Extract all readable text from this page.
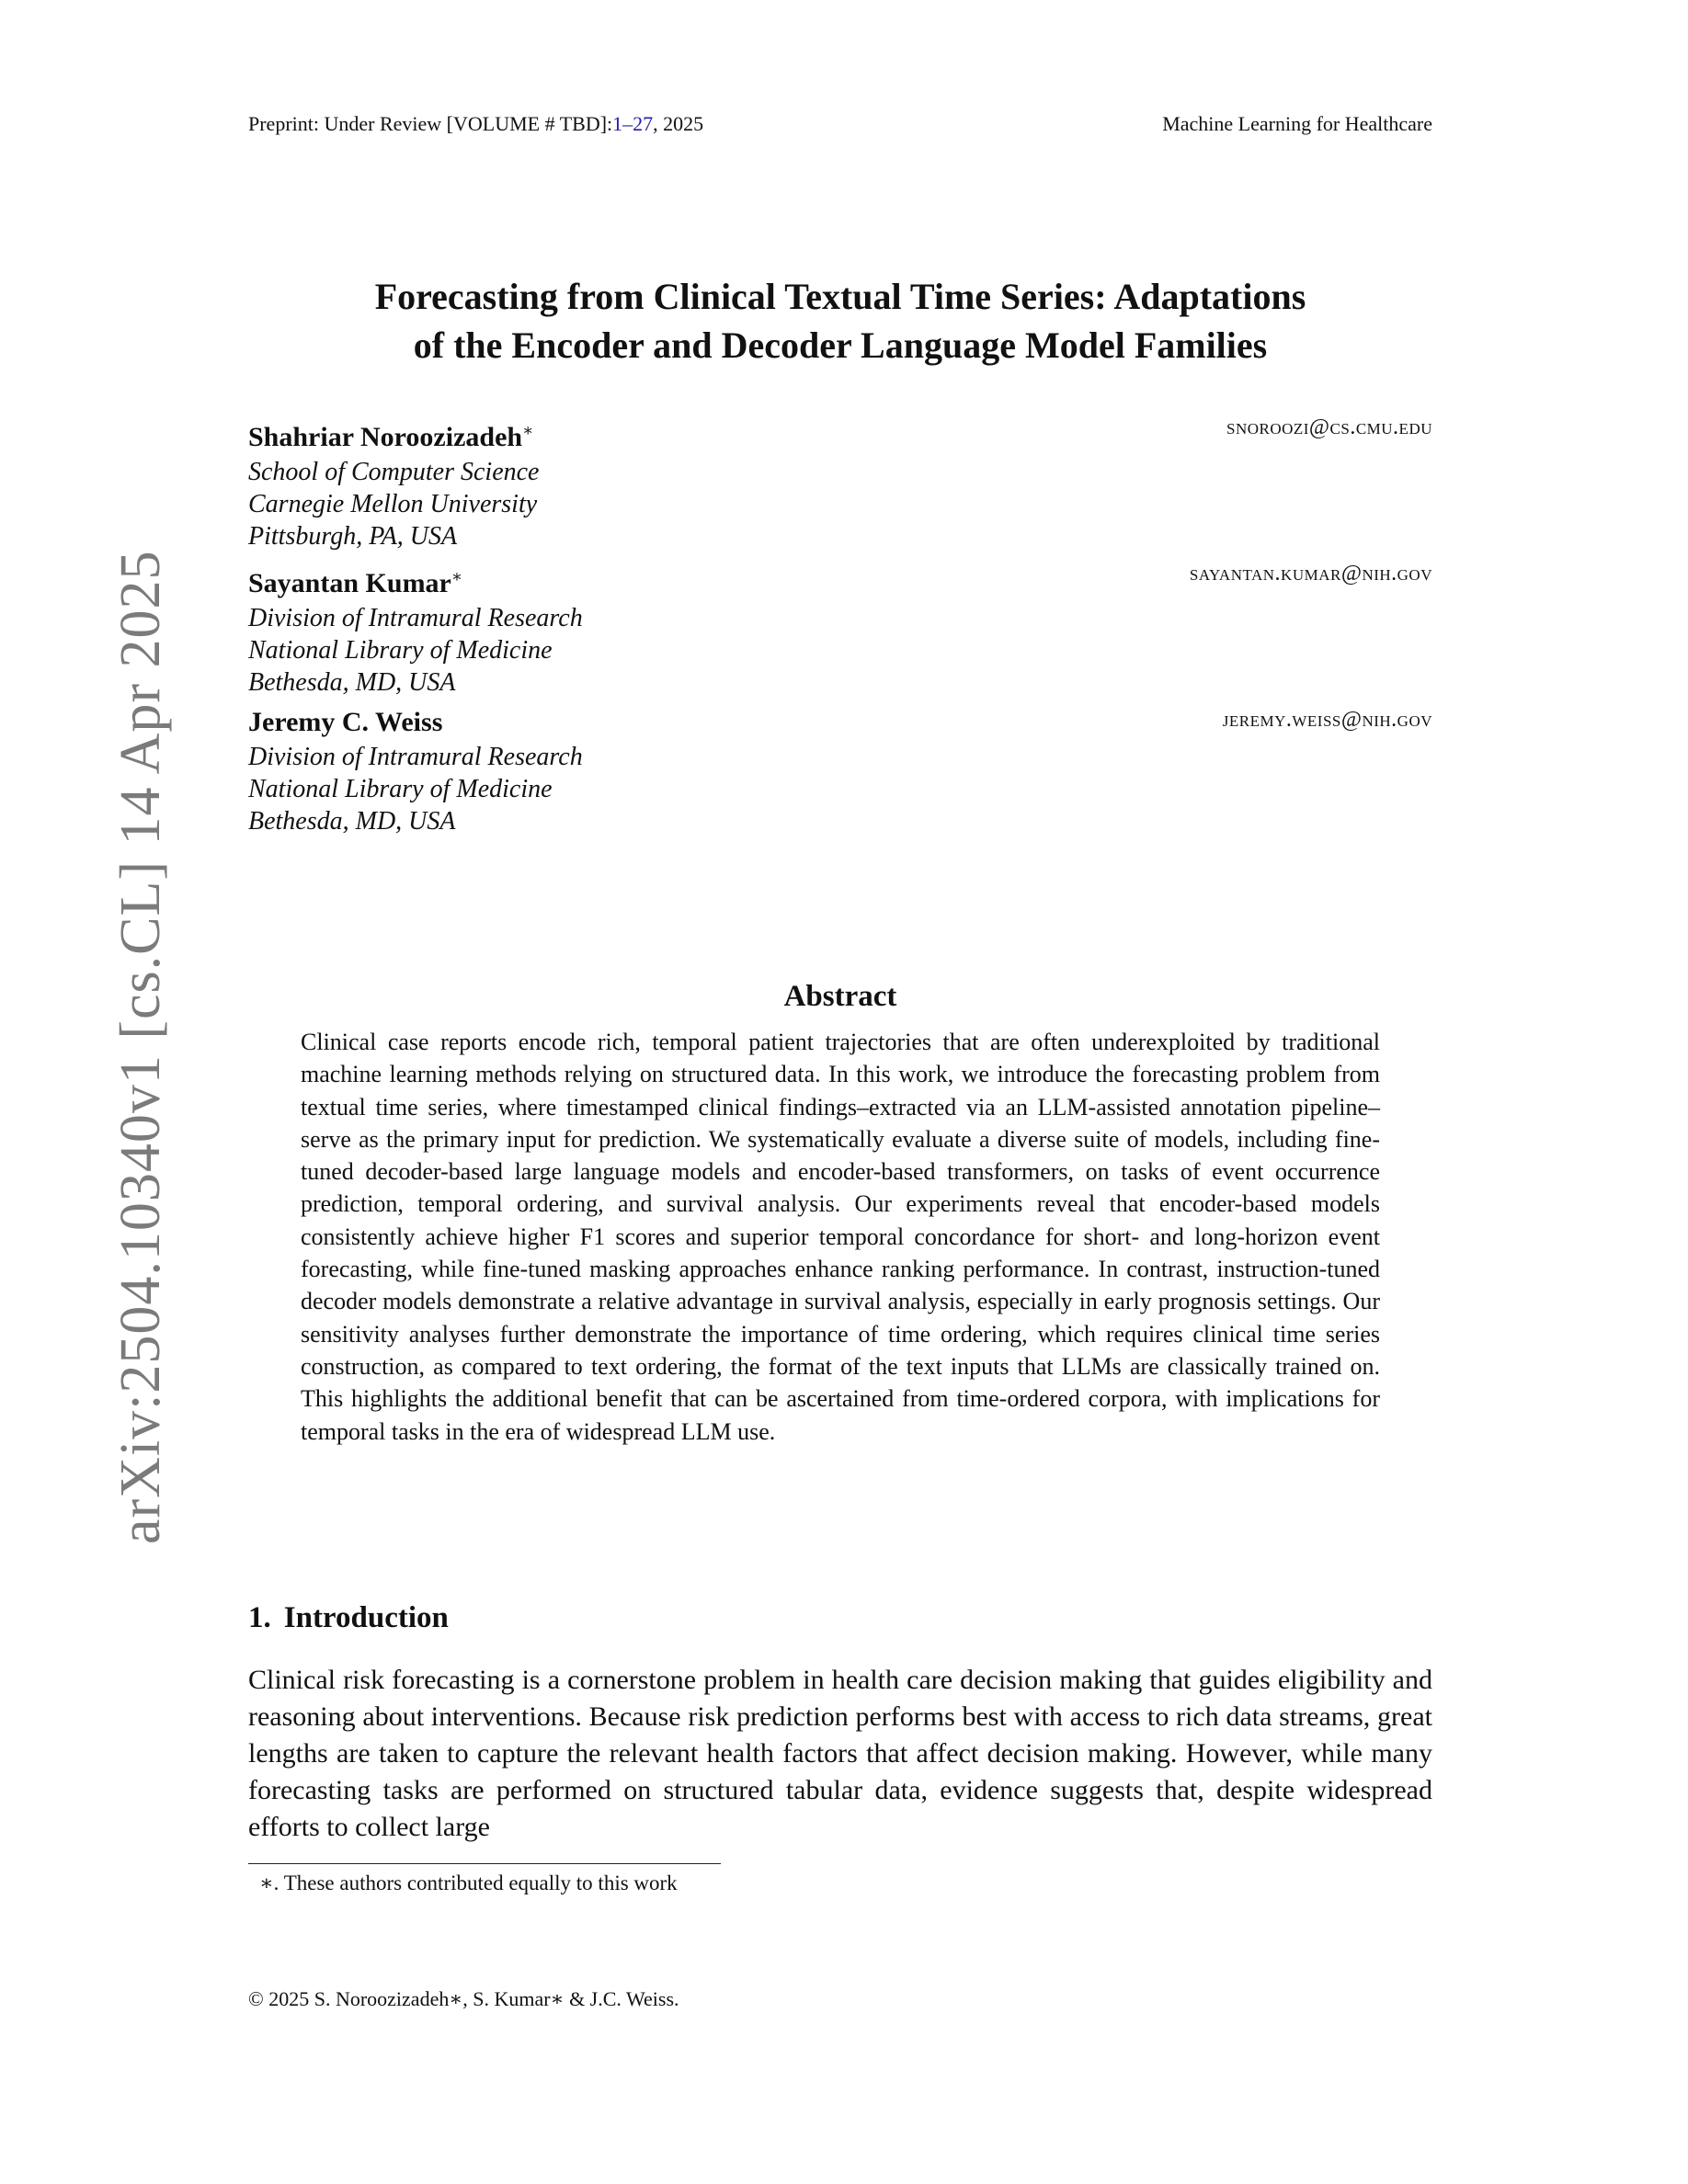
Preprint: Under Review [VOLUME # TBD]:1–27, 2025	Machine Learning for Healthcare
arXiv:2504.10340v1 [cs.CL] 14 Apr 2025
Forecasting from Clinical Textual Time Series: Adaptations
of the Encoder and Decoder Language Model Families
Shahriar Noroozizadeh∗	snoroozi@cs.cmu.edu
School of Computer Science
Carnegie Mellon University
Pittsburgh, PA, USA
Sayantan Kumar∗	sayantan.kumar@nih.gov
Division of Intramural Research
National Library of Medicine
Bethesda, MD, USA
Jeremy C. Weiss	jeremy.weiss@nih.gov
Division of Intramural Research
National Library of Medicine
Bethesda, MD, USA
Abstract
Clinical case reports encode rich, temporal patient trajectories that are often underexploited by traditional machine learning methods relying on structured data. In this work, we introduce the forecasting problem from textual time series, where timestamped clinical findings–extracted via an LLM-assisted annotation pipeline–serve as the primary input for prediction. We systematically evaluate a diverse suite of models, including fine-tuned decoder-based large language models and encoder-based transformers, on tasks of event occurrence prediction, temporal ordering, and survival analysis. Our experiments reveal that encoder-based models consistently achieve higher F1 scores and superior temporal concordance for short- and long-horizon event forecasting, while fine-tuned masking approaches enhance ranking performance. In contrast, instruction-tuned decoder models demonstrate a relative advantage in survival analysis, especially in early prognosis settings. Our sensitivity analyses further demonstrate the importance of time ordering, which requires clinical time series construction, as compared to text ordering, the format of the text inputs that LLMs are classically trained on. This highlights the additional benefit that can be ascertained from time-ordered corpora, with implications for temporal tasks in the era of widespread LLM use.
1. Introduction
Clinical risk forecasting is a cornerstone problem in health care decision making that guides eligibility and reasoning about interventions. Because risk prediction performs best with access to rich data streams, great lengths are taken to capture the relevant health factors that affect decision making. However, while many forecasting tasks are performed on structured tabular data, evidence suggests that, despite widespread efforts to collect large
∗. These authors contributed equally to this work
© 2025 S. Noroozizadeh∗, S. Kumar∗ & J.C. Weiss.
